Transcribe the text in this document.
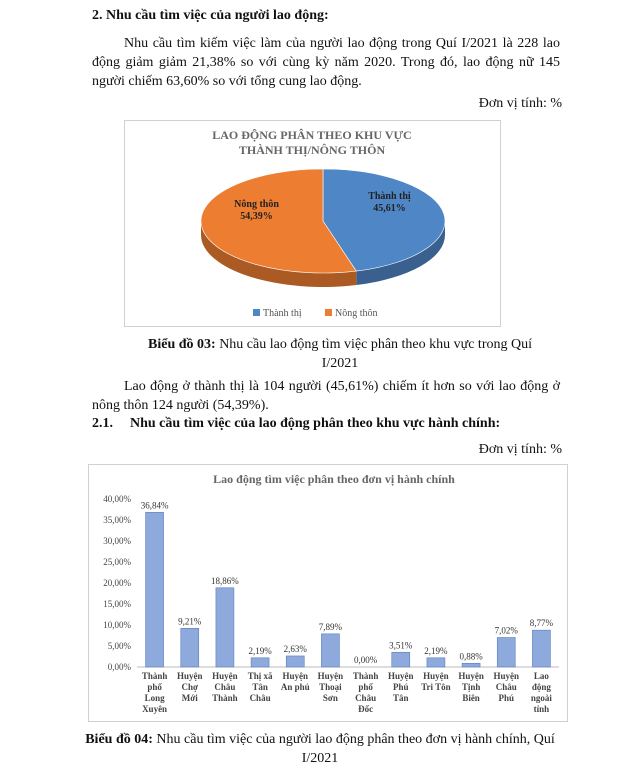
2. Nhu cầu tìm việc của người lao động:
Nhu cầu tìm kiếm việc làm của người lao động trong Quí I/2021 là 228 lao động giảm giảm 21,38% so với cùng kỳ năm 2020. Trong đó, lao động nữ 145 người chiếm 63,60% so với tổng cung lao động.
Đơn vị tính: %
LAO ĐỘNG PHÂN THEO KHU VỰC
THÀNH THỊ/NÔNG THÔN
Thành thị
45,61%
Nông thôn
54,39%
Thành thị	Nông thôn
Biểu đồ 03: Nhu cầu lao động tìm việc phân theo khu vực trong Quí I/2021
Lao động ở thành thị là 104 người (45,61%) chiếm ít hơn so với lao động ở nông thôn 124 người (54,39%).
2.1. Nhu cầu tìm việc của lao động phân theo khu vực hành chính:
Đơn vị tính: %
Lao động tìm việc phân theo đơn vị hành chính
0,00%
5,00%
10,00%
15,00%
20,00%
25,00%
30,00%
35,00%
40,00%
36,84%
Thành
phố
Long
Xuyên
9,21%
Huyện
Chợ
Mới
18,86%
Huyện
Châu
Thành
2,19%
Thị xã
Tân
Châu
2,63%
Huyện
An phú
7,89%
Huyện
Thoại
Sơn
0,00%
Thành
phố
Châu
Đốc
3,51%
Huyện
Phú
Tân
2,19%
Huyện
Tri Tôn
0,88%
Huyện
Tịnh
Biên
7,02%
Huyện
Châu
Phú
8,77%
Lao
động
ngoài
tỉnh
Biểu đồ 04: Nhu cầu tìm việc của người lao động phân theo đơn vị hành chính, Quí I/2021
